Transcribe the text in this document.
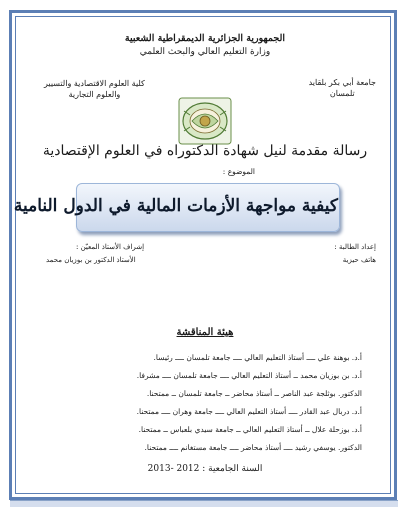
الجمهورية الجزائرية الديمقراطية الشعبية
وزارة التعليم العالي والبحث العلمي
جامعة أبي بكر بلقايد
تلمسان
كلية العلوم الاقتصادية والتسيير
والعلوم التجارية
رسالة مقدمة لنيل شهادة الدكتوراه في العلوم الإقتصادية
الموضوع :
كيفية مواجهة الأزمات المالية في الدول النامية
إعداد الطالبة :
هاتف حيزية
إشراف الأستاذ المعيّن :
الأستاذ الدكتور بن بوزيان محمد
هيئة المناقشة
أ.د. بوهنة علي ــــ أستاذ التعليم العالي ــــ جامعة تلمسان ــــ رئيسا.
أ.د. بن بوزيان محمد ــ أستاذ التعليم العالي ــــ جامعة تلمسان ــــ مشرفا.
الدكتور. بوثلجة عبد الناصر ــ أستاذ محاضر ــ جامعة تلمسان ــ ممتحنا.
أ.د. دربال عبد القادر ــــ أستاذ التعليم العالي ــــ جامعة وهران ــــ ممتحنا.
أ.د. بوزحلة علال ــ أستاذ التعليم العالي ــ جامعة سيدي بلعباس ــ ممتحنا.
الدكتور. يوسفي رشيد ــــ أستاذ محاضر ــــ جامعة مستغانم ــــ ممتحنا.
السنة الجامعية : 2012 -2013
